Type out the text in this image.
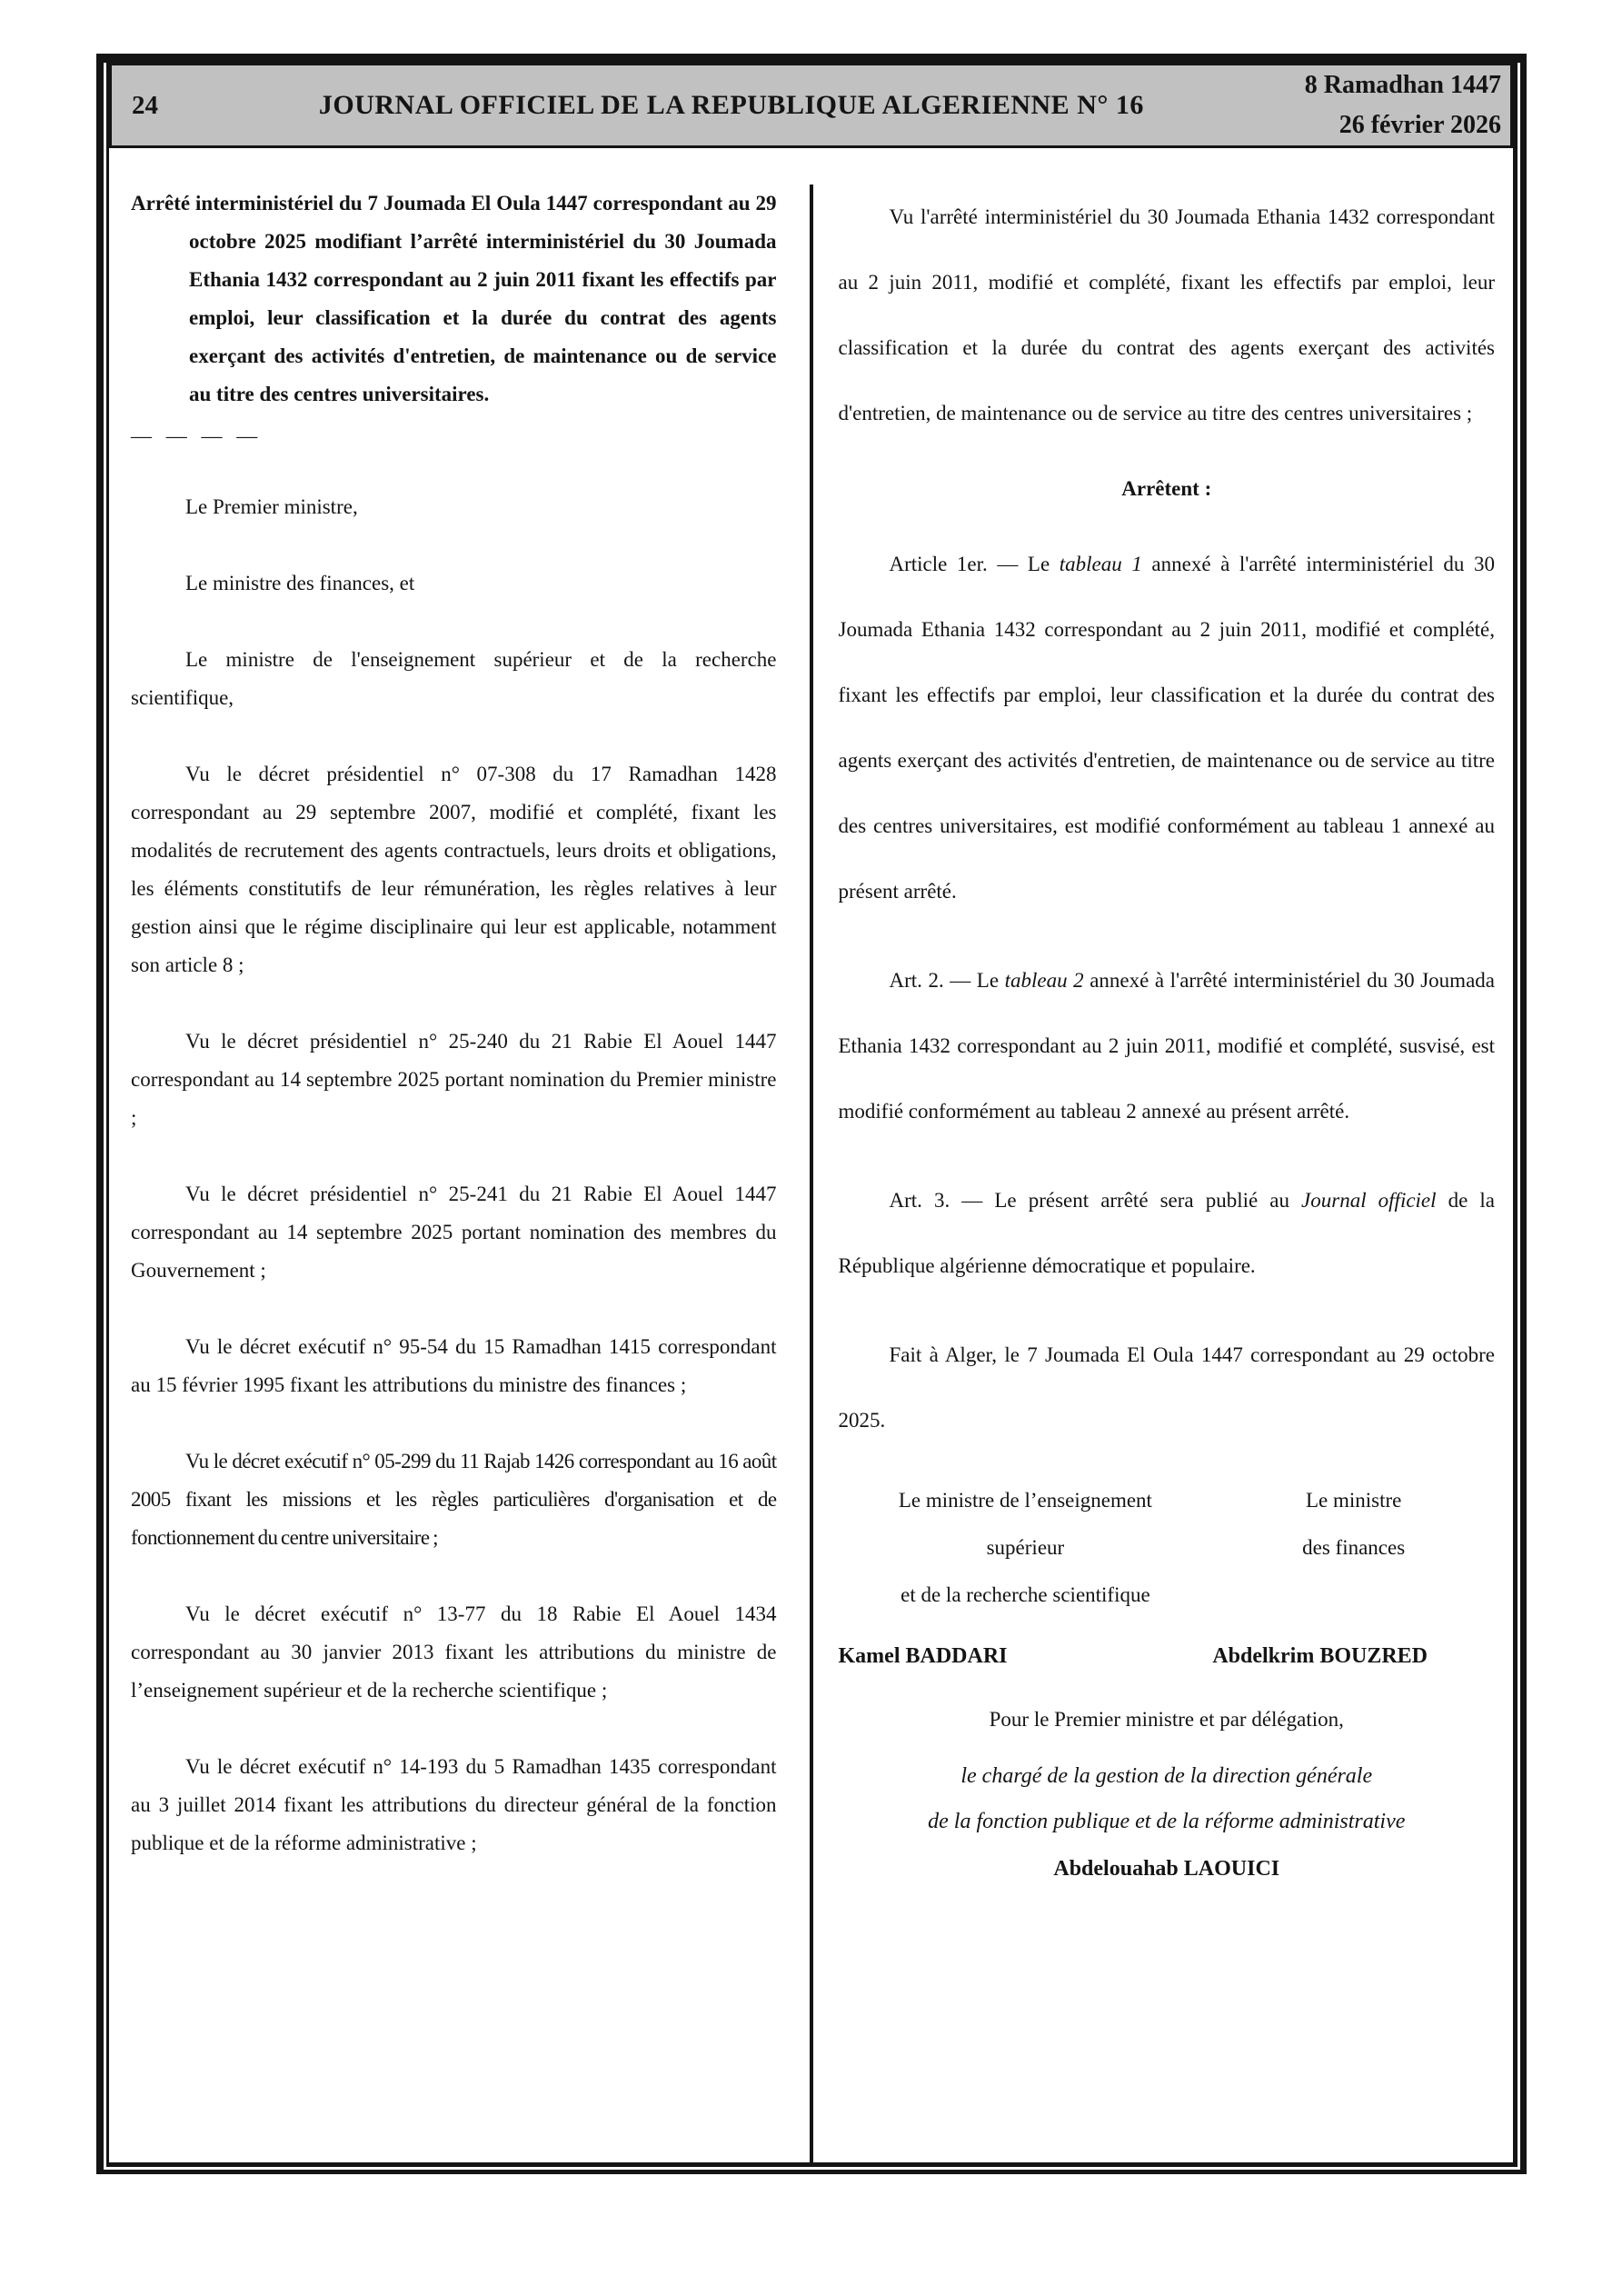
24	JOURNAL OFFICIEL DE LA REPUBLIQUE ALGERIENNE N° 16
8 Ramadhan 1447
26 février 2026

Arrêté interministériel du 7 Joumada El Oula 1447 correspondant au 29 octobre 2025 modifiant l’arrêté interministériel du 30 Joumada Ethania 1432 correspondant au 2 juin 2011 fixant les effectifs par emploi, leur classification et la durée du contrat des agents exerçant des activités d'entretien, de maintenance ou de service au titre des centres universitaires.

— — — —

Le Premier ministre,

Le ministre des finances, et

Le ministre de l'enseignement supérieur et de la recherche scientifique,

Vu le décret présidentiel n° 07-308 du 17 Ramadhan 1428 correspondant au 29 septembre 2007, modifié et complété, fixant les modalités de recrutement des agents contractuels, leurs droits et obligations, les éléments constitutifs de leur rémunération, les règles relatives à leur gestion ainsi que le régime disciplinaire qui leur est applicable, notamment son article 8 ;

Vu le décret présidentiel n° 25-240 du 21 Rabie El Aouel 1447 correspondant au 14 septembre 2025 portant nomination du Premier ministre ;

Vu le décret présidentiel n° 25-241 du 21 Rabie El Aouel 1447 correspondant au 14 septembre 2025 portant nomination des membres du Gouvernement ;

Vu le décret exécutif n° 95-54 du 15 Ramadhan 1415 correspondant au 15 février 1995 fixant les attributions du ministre des finances ;

Vu le décret exécutif n° 05-299 du 11 Rajab 1426 correspondant au 16 août 2005 fixant les missions et les règles particulières d'organisation et de fonctionnement du centre universitaire ;

Vu le décret exécutif n° 13-77 du 18 Rabie El Aouel 1434 correspondant au 30 janvier 2013 fixant les attributions du ministre de l’enseignement supérieur et de la recherche scientifique ;

Vu le décret exécutif n° 14-193 du 5 Ramadhan 1435 correspondant au 3 juillet 2014 fixant les attributions du directeur général de la fonction publique et de la réforme administrative ;

Vu l'arrêté interministériel du 30 Joumada Ethania 1432 correspondant au 2 juin 2011, modifié et complété, fixant les effectifs par emploi, leur classification et la durée du contrat des agents exerçant des activités d'entretien, de maintenance ou de service au titre des centres universitaires ;

Arrêtent :

Article 1er. — Le tableau 1 annexé à l'arrêté interministériel du 30 Joumada Ethania 1432 correspondant au 2 juin 2011, modifié et complété, fixant les effectifs par emploi, leur classification et la durée du contrat des agents exerçant des activités d'entretien, de maintenance ou de service au titre des centres universitaires, est modifié conformément au tableau 1 annexé au présent arrêté.

Art. 2. — Le tableau 2 annexé à l'arrêté interministériel du 30 Joumada Ethania 1432 correspondant au 2 juin 2011, modifié et complété, susvisé, est modifié conformément au tableau 2 annexé au présent arrêté.

Art. 3. — Le présent arrêté sera publié au Journal officiel de la République algérienne démocratique et populaire.

Fait à Alger, le 7 Joumada El Oula 1447 correspondant au 29 octobre 2025.

Le ministre de l’enseignement
supérieur
et de la recherche scientifique
Le ministre
des finances
Kamel BADDARI	Abdelkrim BOUZRED

Pour le Premier ministre et par délégation,

le chargé de la gestion de la direction générale
de la fonction publique et de la réforme administrative
Abdelouahab LAOUICI
